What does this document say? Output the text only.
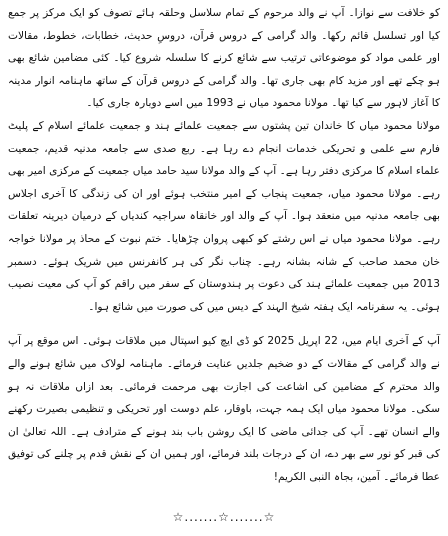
کو خلافت سے نوازا۔ آپ نے والد مرحوم کے تمام سلاسل وحلقہ ہائے تصوف کو ایک مرکز پر جمع کیا اور تسلسل قائم رکھا۔ والد گرامی کے دروس قرآن، دروسِ حدیث، خطابات، خطوط، مقالات اور علمی مواد کو موضوعاتی ترتیب سے شائع کرنے کا سلسلہ شروع کیا۔ کئی مضامین شائع بھی ہو چکے تھے اور مزید کام بھی جاری تھا۔ والد گرامی کے دروس قرآن کے ساتھ ماہنامہ انوار مدینہ کا آغاز لاہور سے کیا تھا۔ مولانا محمود میاں نے 1993 میں اسے دوبارہ جاری کیا۔

مولانا محمود میاں کا خاندان تین پشتوں سے جمعیت علمائے ہند و جمعیت علمائے اسلام کے پلیٹ فارم سے علمی و تحریکی خدمات انجام دے رہا ہے۔ ربع صدی سے جامعہ مدنیہ قدیم، جمعیت علماء اسلام کا مرکزی دفتر رہا ہے۔ آپ کے والد مولانا سید حامد میاں جمعیت کے مرکزی امیر بھی رہے۔ مولانا محمود میاں، جمعیت پنجاب کے امیر منتخب ہوئے اور ان کی زندگی کا آخری اجلاس بھی جامعہ مدنیہ میں منعقد ہوا۔ آپ کے والد اور خانقاہ سراجیہ کندیاں کے درمیان دیرینہ تعلقات رہے۔ مولانا محمود میاں نے اس رشتے کو کبھی پروان چڑھایا۔ ختم نبوت کے محاذ پر مولانا خواجہ خان محمد صاحب کے شانہ بشانہ رہے۔ چناب نگر کی ہر کانفرنس میں شریک ہوئے۔ دسمبر 2013 میں جمعیت علمائے ہند کی دعوت پر ہندوستان کے سفر میں راقم کو آپ کی معیت نصیب ہوئی۔ یہ سفرنامہ ایک ہفتہ شیخ الہند کے دیس میں کی صورت میں شائع ہوا۔

آپ کے آخری ایام میں، 22 اپریل 2025 کو ڈی ایچ کیو اسپتال میں ملاقات ہوئی۔ اس موقع پر آپ نے والد گرامی کے مقالات کے دو ضخیم جلدیں عنایت فرمائے۔ ماہنامہ لولاک میں شائع ہونے والے والد محترم کے مضامین کی اشاعت کی اجازت بھی مرحمت فرمائی۔ بعد ازاں ملاقات نہ ہو سکی۔ مولانا محمود میاں ایک ہمہ جہت، باوقار، علم دوست اور تحریکی و تنظیمی بصیرت رکھنے والے انسان تھے۔ آپ کی جدائی ماضی کا ایک روشن باب بند ہونے کے مترادف ہے۔ اللہ تعالیٰ ان کی قبر کو نور سے بھر دے، ان کے درجات بلند فرمائے، اور ہمیں ان کے نقش قدم پر چلنے کی توفیق عطا فرمائے۔ آمین، بجاہ النبی الکریم!

☆.......☆.......☆
